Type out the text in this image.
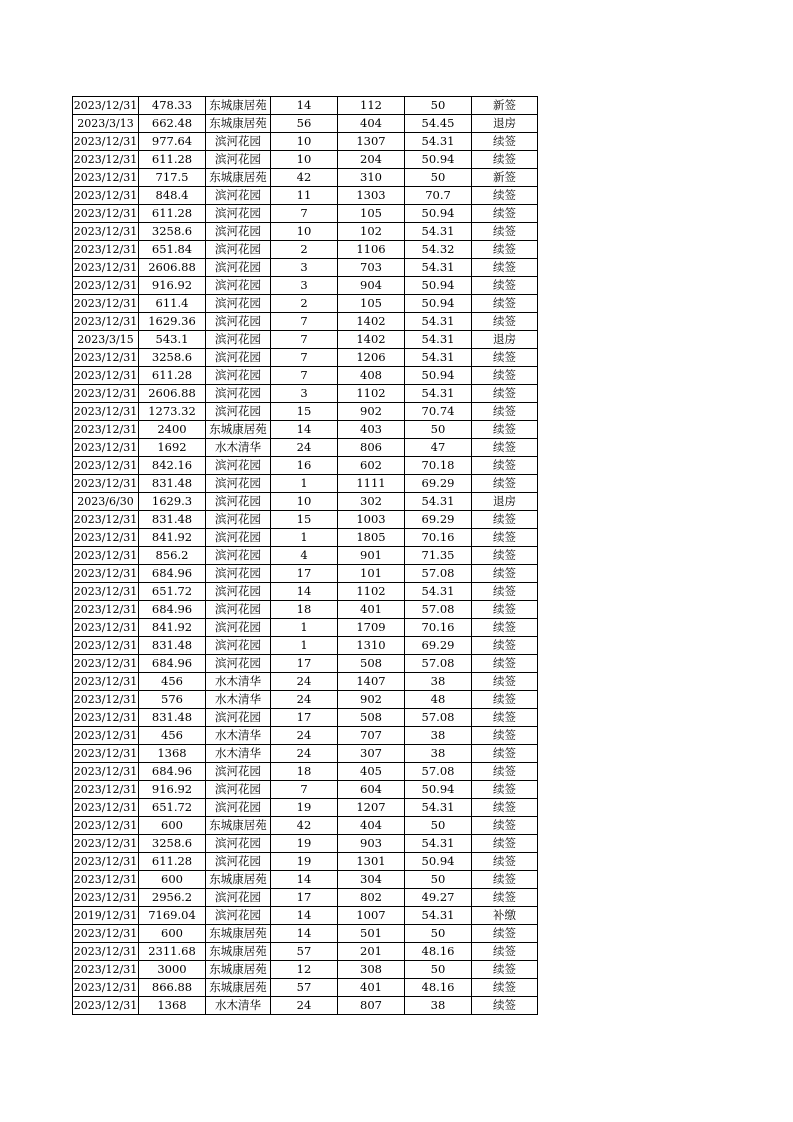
2023/12/31	478.33	东城康居苑	14	112	50	新签
2023/3/13	662.48	东城康居苑	56	404	54.45	退房
2023/12/31	977.64	滨河花园	10	1307	54.31	续签
2023/12/31	611.28	滨河花园	10	204	50.94	续签
2023/12/31	717.5	东城康居苑	42	310	50	新签
2023/12/31	848.4	滨河花园	11	1303	70.7	续签
2023/12/31	611.28	滨河花园	7	105	50.94	续签
2023/12/31	3258.6	滨河花园	10	102	54.31	续签
2023/12/31	651.84	滨河花园	2	1106	54.32	续签
2023/12/31	2606.88	滨河花园	3	703	54.31	续签
2023/12/31	916.92	滨河花园	3	904	50.94	续签
2023/12/31	611.4	滨河花园	2	105	50.94	续签
2023/12/31	1629.36	滨河花园	7	1402	54.31	续签
2023/3/15	543.1	滨河花园	7	1402	54.31	退房
2023/12/31	3258.6	滨河花园	7	1206	54.31	续签
2023/12/31	611.28	滨河花园	7	408	50.94	续签
2023/12/31	2606.88	滨河花园	3	1102	54.31	续签
2023/12/31	1273.32	滨河花园	15	902	70.74	续签
2023/12/31	2400	东城康居苑	14	403	50	续签
2023/12/31	1692	水木清华	24	806	47	续签
2023/12/31	842.16	滨河花园	16	602	70.18	续签
2023/12/31	831.48	滨河花园	1	1111	69.29	续签
2023/6/30	1629.3	滨河花园	10	302	54.31	退房
2023/12/31	831.48	滨河花园	15	1003	69.29	续签
2023/12/31	841.92	滨河花园	1	1805	70.16	续签
2023/12/31	856.2	滨河花园	4	901	71.35	续签
2023/12/31	684.96	滨河花园	17	101	57.08	续签
2023/12/31	651.72	滨河花园	14	1102	54.31	续签
2023/12/31	684.96	滨河花园	18	401	57.08	续签
2023/12/31	841.92	滨河花园	1	1709	70.16	续签
2023/12/31	831.48	滨河花园	1	1310	69.29	续签
2023/12/31	684.96	滨河花园	17	508	57.08	续签
2023/12/31	456	水木清华	24	1407	38	续签
2023/12/31	576	水木清华	24	902	48	续签
2023/12/31	831.48	滨河花园	17	508	57.08	续签
2023/12/31	456	水木清华	24	707	38	续签
2023/12/31	1368	水木清华	24	307	38	续签
2023/12/31	684.96	滨河花园	18	405	57.08	续签
2023/12/31	916.92	滨河花园	7	604	50.94	续签
2023/12/31	651.72	滨河花园	19	1207	54.31	续签
2023/12/31	600	东城康居苑	42	404	50	续签
2023/12/31	3258.6	滨河花园	19	903	54.31	续签
2023/12/31	611.28	滨河花园	19	1301	50.94	续签
2023/12/31	600	东城康居苑	14	304	50	续签
2023/12/31	2956.2	滨河花园	17	802	49.27	续签
2019/12/31	7169.04	滨河花园	14	1007	54.31	补缴
2023/12/31	600	东城康居苑	14	501	50	续签
2023/12/31	2311.68	东城康居苑	57	201	48.16	续签
2023/12/31	3000	东城康居苑	12	308	50	续签
2023/12/31	866.88	东城康居苑	57	401	48.16	续签
2023/12/31	1368	水木清华	24	807	38	续签
